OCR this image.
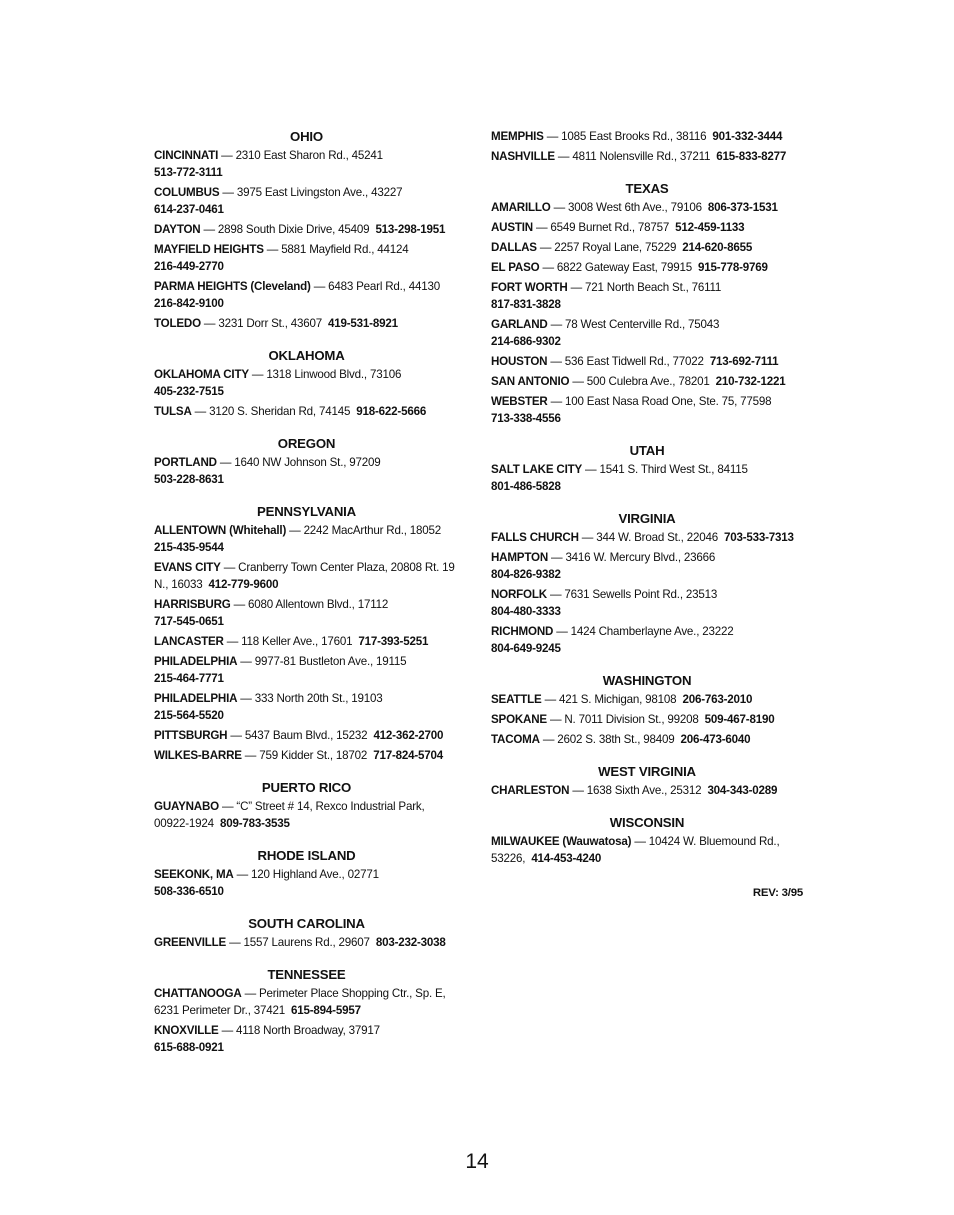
OHIO
CINCINNATI — 2310 East Sharon Rd., 45241
513-772-3111
COLUMBUS — 3975 East Livingston Ave., 43227
614-237-0461
DAYTON — 2898 South Dixie Drive, 45409 513-298-1951
MAYFIELD HEIGHTS — 5881 Mayfield Rd., 44124
216-449-2770
PARMA HEIGHTS (Cleveland) — 6483 Pearl Rd., 44130  216-842-9100
TOLEDO — 3231 Dorr St., 43607 419-531-8921
OKLAHOMA
OKLAHOMA CITY — 1318 Linwood Blvd., 73106
405-232-7515
TULSA — 3120 S. Sheridan Rd, 74145 918-622-5666
OREGON
PORTLAND — 1640 NW Johnson St., 97209
503-228-8631
PENNSYLVANIA
ALLENTOWN (Whitehall) — 2242 MacArthur Rd., 18052  215-435-9544
EVANS CITY — Cranberry Town Center Plaza, 20808 Rt. 19 N., 16033 412-779-9600
HARRISBURG — 6080 Allentown Blvd., 17112
717-545-0651
LANCASTER — 118 Keller Ave., 17601 717-393-5251
PHILADELPHIA — 9977-81 Bustleton Ave., 19115
215-464-7771
PHILADELPHIA — 333 North 20th St., 19103
215-564-5520
PITTSBURGH — 5437 Baum Blvd., 15232 412-362-2700
WILKES-BARRE — 759 Kidder St., 18702 717-824-5704
PUERTO RICO
GUAYNABO — “C” Street # 14, Rexco Industrial Park, 00922-1924 809-783-3535
RHODE ISLAND
SEEKONK, MA — 120 Highland Ave., 02771
508-336-6510
SOUTH CAROLINA
GREENVILLE — 1557 Laurens Rd., 29607 803-232-3038
TENNESSEE
CHATTANOOGA — Perimeter Place Shopping Ctr., Sp. E, 6231 Perimeter Dr., 37421 615-894-5957
KNOXVILLE — 4118 North Broadway, 37917
615-688-0921
MEMPHIS — 1085 East Brooks Rd., 38116 901-332-3444
NASHVILLE — 4811 Nolensville Rd., 37211 615-833-8277
TEXAS
AMARILLO — 3008 West 6th Ave., 79106 806-373-1531
AUSTIN — 6549 Burnet Rd., 78757 512-459-1133
DALLAS — 2257 Royal Lane, 75229 214-620-8655
EL PASO — 6822 Gateway East, 79915 915-778-9769
FORT WORTH — 721 North Beach St., 76111
817-831-3828
GARLAND — 78 West Centerville Rd., 75043
214-686-9302
HOUSTON — 536 East Tidwell Rd., 77022 713-692-7111
SAN ANTONIO — 500 Culebra Ave., 78201 210-732-1221
WEBSTER — 100 East Nasa Road One, Ste. 75, 77598
713-338-4556
UTAH
SALT LAKE CITY — 1541 S. Third West St., 84115
801-486-5828
VIRGINIA
FALLS CHURCH — 344 W. Broad St., 22046 703-533-7313
HAMPTON — 3416 W. Mercury Blvd., 23666
804-826-9382
NORFOLK — 7631 Sewells Point Rd., 23513
804-480-3333
RICHMOND — 1424 Chamberlayne Ave., 23222
804-649-9245
WASHINGTON
SEATTLE — 421 S. Michigan, 98108 206-763-2010
SPOKANE — N. 7011 Division St., 99208 509-467-8190
TACOMA — 2602 S. 38th St., 98409 206-473-6040
WEST VIRGINIA
CHARLESTON — 1638 Sixth Ave., 25312 304-343-0289
WISCONSIN
MILWAUKEE (Wauwatosa) — 10424 W. Bluemound Rd., 53226, 414-453-4240
REV: 3/95
14
